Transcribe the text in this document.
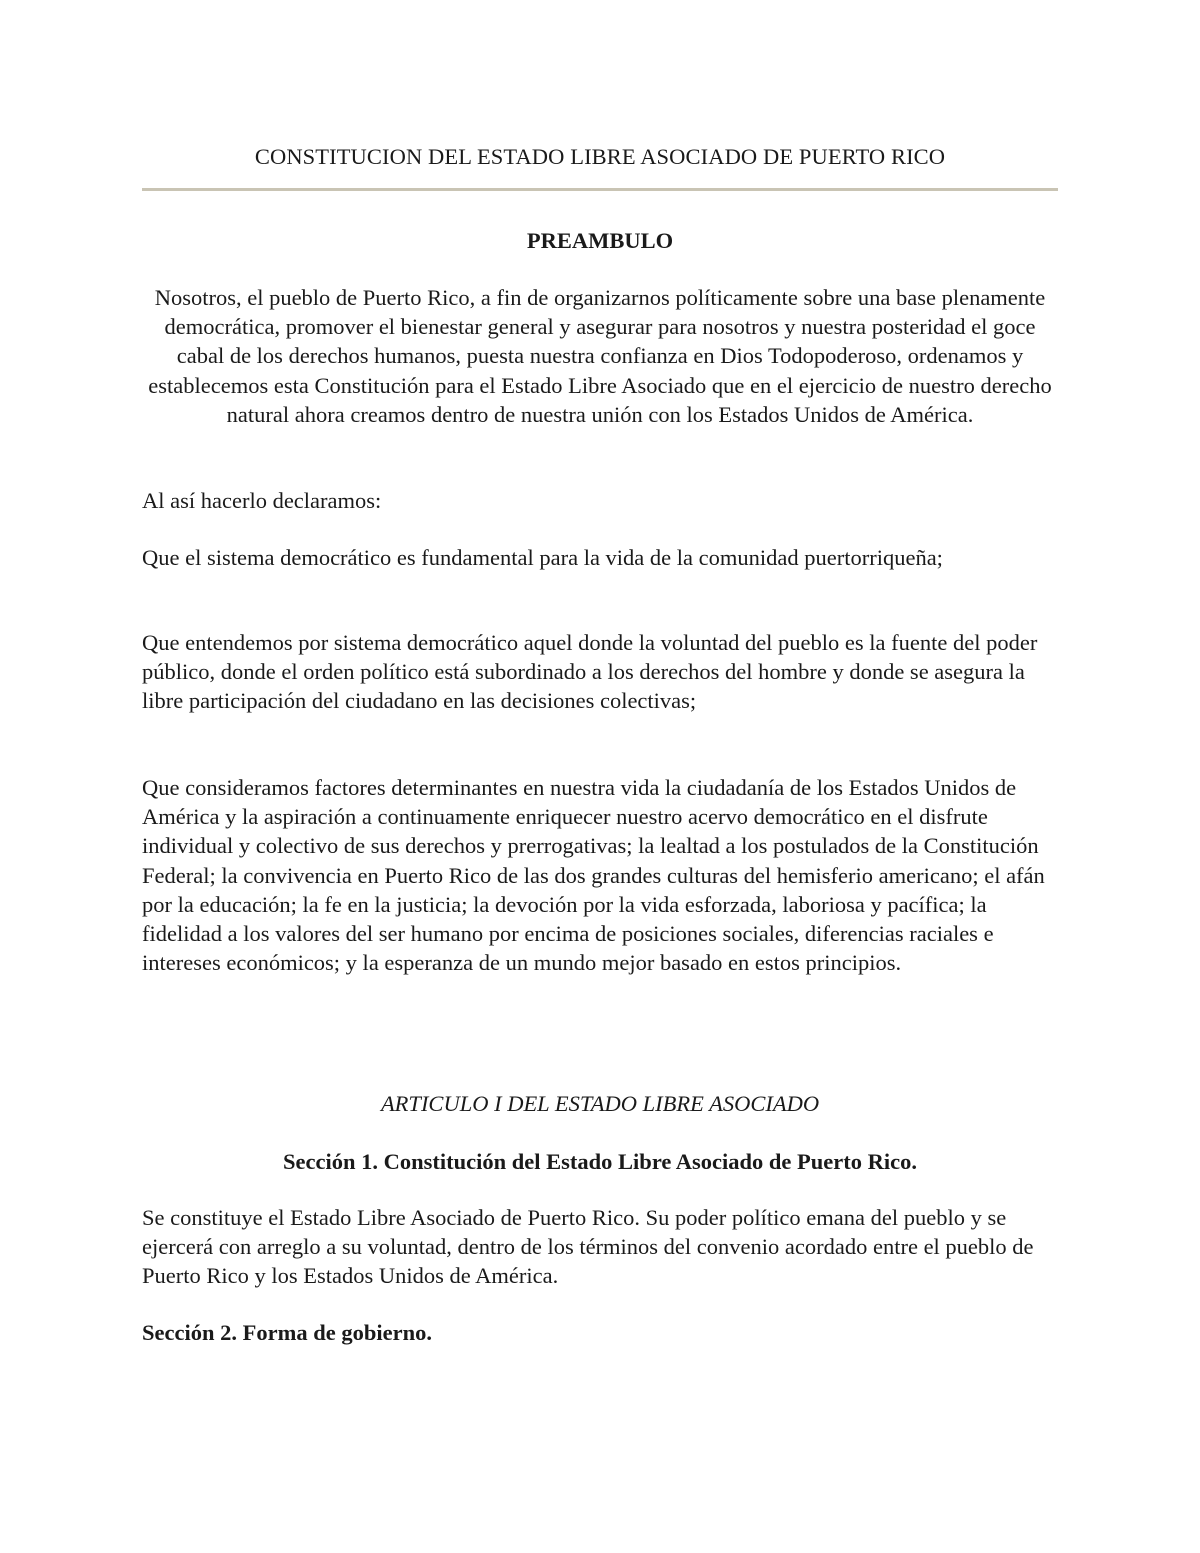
CONSTITUCION DEL ESTADO LIBRE ASOCIADO DE PUERTO RICO
PREAMBULO
Nosotros, el pueblo de Puerto Rico, a fin de organizarnos políticamente sobre una base plenamente democrática, promover el bienestar general y asegurar para nosotros y nuestra posteridad el goce cabal de los derechos humanos, puesta nuestra confianza en Dios Todopoderoso, ordenamos y establecemos esta Constitución para el Estado Libre Asociado que en el ejercicio de nuestro derecho natural ahora creamos dentro de nuestra unión con los Estados Unidos de América.
Al así hacerlo declaramos:
Que el sistema democrático es fundamental para la vida de la comunidad puertorriqueña;
Que entendemos por sistema democrático aquel donde la voluntad del pueblo es la fuente del poder público, donde el orden político está subordinado a los derechos del hombre y donde se asegura la libre participación del ciudadano en las decisiones colectivas;
Que consideramos factores determinantes en nuestra vida la ciudadanía de los Estados Unidos de América y la aspiración a continuamente enriquecer nuestro acervo democrático en el disfrute individual y colectivo de sus derechos y prerrogativas; la lealtad a los postulados de la Constitución Federal; la convivencia en Puerto Rico de las dos grandes culturas del hemisferio americano; el afán por la educación; la fe en la justicia; la devoción por la vida esforzada, laboriosa y pacífica; la fidelidad a los valores del ser humano por encima de posiciones sociales, diferencias raciales e intereses económicos; y la esperanza de un mundo mejor basado en estos principios.
ARTICULO I DEL ESTADO LIBRE ASOCIADO
Sección 1. Constitución del Estado Libre Asociado de Puerto Rico.
Se constituye el Estado Libre Asociado de Puerto Rico. Su poder político emana del pueblo y se ejercerá con arreglo a su voluntad, dentro de los términos del convenio acordado entre el pueblo de Puerto Rico y los Estados Unidos de América.
Sección 2. Forma de gobierno.
